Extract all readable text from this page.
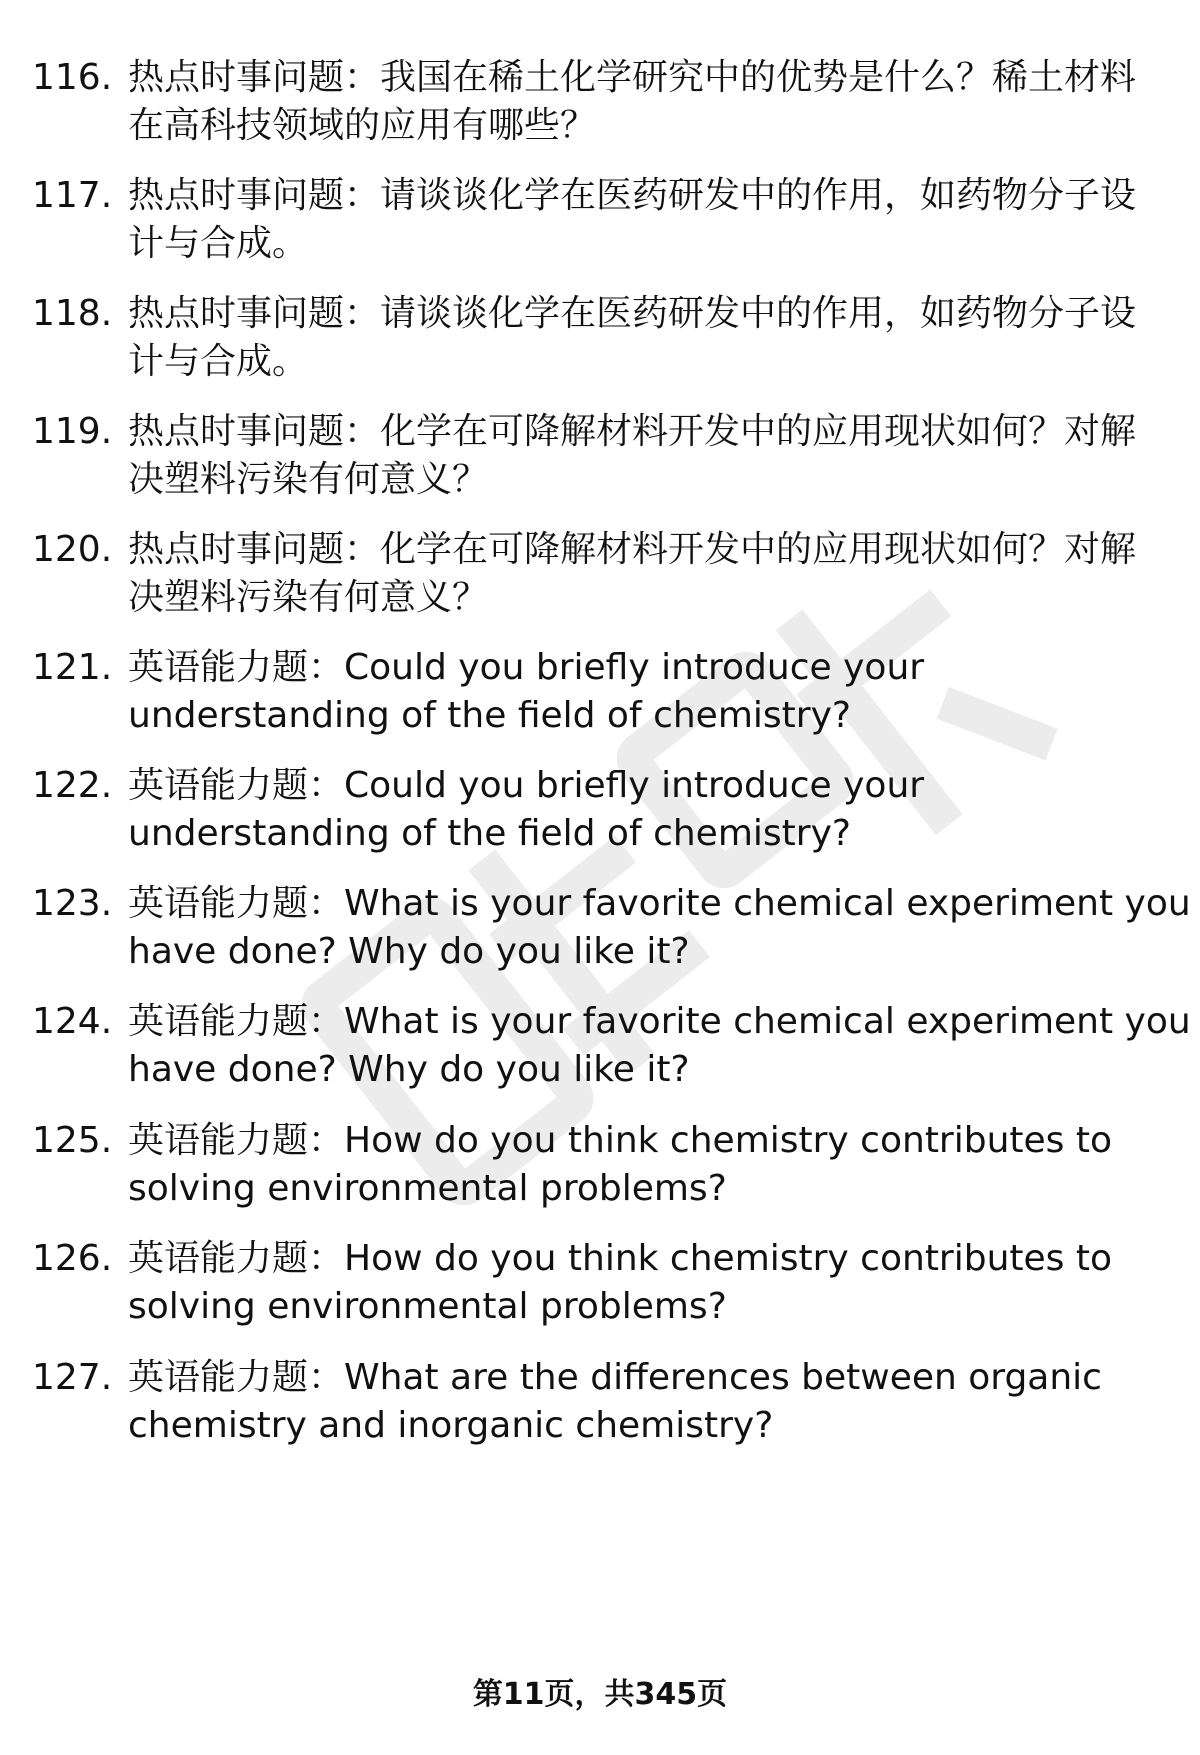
116. 热点时事问题：我国在稀土化学研究中的优势是什么？稀土材料
在高科技领域的应用有哪些？
117. 热点时事问题：请谈谈化学在医药研发中的作用，如药物分子设
计与合成。
118. 热点时事问题：请谈谈化学在医药研发中的作用，如药物分子设
计与合成。
119. 热点时事问题：化学在可降解材料开发中的应用现状如何？对解
决塑料污染有何意义？
120. 热点时事问题：化学在可降解材料开发中的应用现状如何？对解
决塑料污染有何意义？
121. 英语能力题：Could you briefly introduce your
understanding of the field of chemistry?
122. 英语能力题：Could you briefly introduce your
understanding of the field of chemistry?
123. 英语能力题：What is your favorite chemical experiment you
have done? Why do you like it?
124. 英语能力题：What is your favorite chemical experiment you
have done? Why do you like it?
125. 英语能力题：How do you think chemistry contributes to
solving environmental problems?
126. 英语能力题：How do you think chemistry contributes to
solving environmental problems?
127. 英语能力题：What are the differences between organic
chemistry and inorganic chemistry?
第11页，共345页
